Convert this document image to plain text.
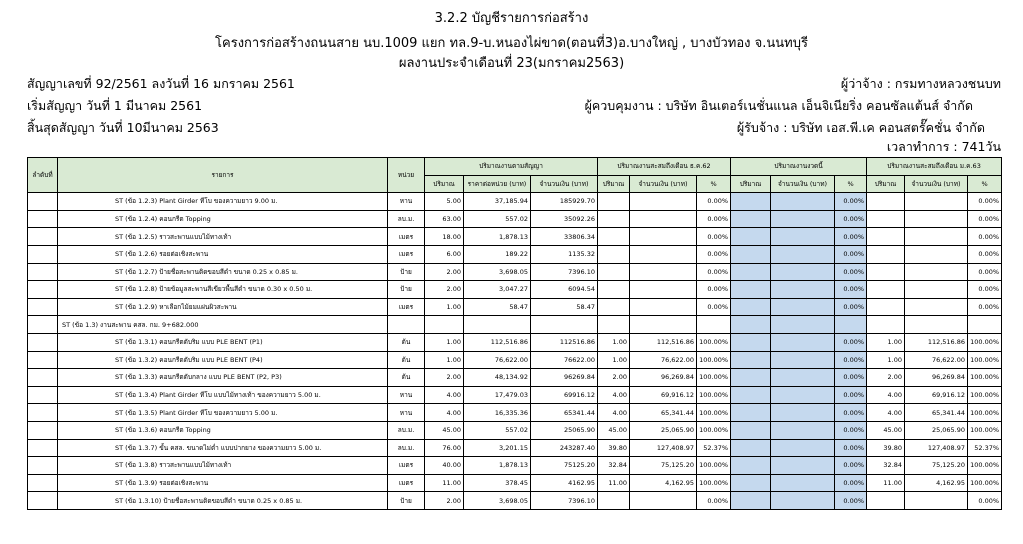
3.2.2 บัญชีรายการก่อสร้าง
โครงการก่อสร้างถนนสาย นบ.1009 แยก ทล.9-บ.หนองไผ่ขาด(ตอนที่3)อ.บางใหญ่ , บางบัวทอง จ.นนทบุรี
ผลงานประจำเดือนที่ 23(มกราคม2563)
สัญญาเลขที่ 92/2561 ลงวันที่ 16 มกราคม 2561	ผู้ว่าจ้าง : กรมทางหลวงชนบท
เริ่มสัญญา วันที่ 1 มีนาคม 2561	ผู้ควบคุมงาน : บริษัท อินเตอร์เนชั่นแนล เอ็นจิเนียริ่ง คอนซัลแต้นส์ จำกัด
สิ้นสุดสัญญา วันที่ 10มีนาคม 2563	ผู้รับจ้าง : บริษัท เอส.พี.เค คอนสตรั๊คชั่น จำกัด
เวลาทำการ : 741วัน
ลำดับที่	รายการ	หน่วย	ปริมาณงานตามสัญญา			ปริมาณงานสะสมถึงเดือน ธ.ค.62			ปริมาณงานงวดนี้			ปริมาณงานสะสมถึงเดือน ม.ค.63		
			ปริมาณ	ราคาต่อหน่วย (บาท)	จำนวนเงิน (บาท)	ปริมาณ	จำนวนเงิน (บาท)	%	ปริมาณ	จำนวนเงิน (บาท)	%	ปริมาณ	จำนวนเงิน (บาท)	%
	ST (ข้อ 1.2.3) Plant Girder ทีโบ ของความยาว 9.00 ม.	หาน	5.00	37,185.94	185929.70			0.00%			0.00%			0.00%
	ST (ข้อ 1.2.4) คอนกรีต Topping	ลบ.ม.	63.00	557.02	35092.26			0.00%			0.00%			0.00%
	ST (ข้อ 1.2.5) ราวสะพานแบบไม้ทางเท้า	เมตร	18.00	1,878.13	33806.34			0.00%			0.00%			0.00%
	ST (ข้อ 1.2.6) รอยต่อเชิงสะพาน	เมตร	6.00	189.22	1135.32			0.00%			0.00%			0.00%
	ST (ข้อ 1.2.7) ป้ายชื่อสะพานติดขอบสีดำ ขนาด 0.25 x 0.85 ม.	ป้าย	2.00	3,698.05	7396.10			0.00%			0.00%			0.00%
	ST (ข้อ 1.2.8) ป้ายข้อมูลสะพานสีเขียวพื้นสีดำ ขนาด 0.30 x 0.50 ม.	ป้าย	2.00	3,047.27	6094.54			0.00%			0.00%			0.00%
	ST (ข้อ 1.2.9) หาเลือกไม้ยมแผ่นผิวสะพาน	เมตร	1.00	58.47	58.47			0.00%			0.00%			0.00%
	ST (ข้อ 1.3) งานสะพาน คสล. กม. 9+682.000													
	ST (ข้อ 1.3.1) คอนกรีตตับริม แบบ PLE BENT (P1)	ต้น	1.00	112,516.86	112516.86	1.00	112,516.86	100.00%			0.00%	1.00	112,516.86	100.00%
	ST (ข้อ 1.3.2) คอนกรีตตับริม แบบ PLE BENT (P4)	ต้น	1.00	76,622.00	76622.00	1.00	76,622.00	100.00%			0.00%	1.00	76,622.00	100.00%
	ST (ข้อ 1.3.3) คอนกรีตตับกลาง แบบ PLE BENT (P2, P3)	ต้น	2.00	48,134.92	96269.84	2.00	96,269.84	100.00%			0.00%	2.00	96,269.84	100.00%
	ST (ข้อ 1.3.4) Plant Girder ทีโบ แบบไม้ทางเท้า ของความยาว 5.00 ม.	หาน	4.00	17,479.03	69916.12	4.00	69,916.12	100.00%			0.00%	4.00	69,916.12	100.00%
	ST (ข้อ 1.3.5) Plant Girder ทีโบ ของความยาว 5.00 ม.	หาน	4.00	16,335.36	65341.44	4.00	65,341.44	100.00%			0.00%	4.00	65,341.44	100.00%
	ST (ข้อ 1.3.6) คอนกรีต Topping	ลบ.ม.	45.00	557.02	25065.90	45.00	25,065.90	100.00%			0.00%	45.00	25,065.90	100.00%
	ST (ข้อ 1.3.7) ขั้น คสล. ขนาดไม่ต่ำ แบบปากยาง ของความยาว 5.00 ม.	ลบ.ม.	76.00	3,201.15	243287.40	39.80	127,408.97	52.37%			0.00%	39.80	127,408.97	52.37%
	ST (ข้อ 1.3.8) ราวสะพานแบบไม้ทางเท้า	เมตร	40.00	1,878.13	75125.20	32.84	75,125.20	100.00%			0.00%	32.84	75,125.20	100.00%
	ST (ข้อ 1.3.9) รอยต่อเชิงสะพาน	เมตร	11.00	378.45	4162.95	11.00	4,162.95	100.00%			0.00%	11.00	4,162.95	100.00%
	ST (ข้อ 1.3.10) ป้ายชื่อสะพานติดขอบสีดำ ขนาด 0.25 x 0.85 ม.	ป้าย	2.00	3,698.05	7396.10			0.00%			0.00%			0.00%
